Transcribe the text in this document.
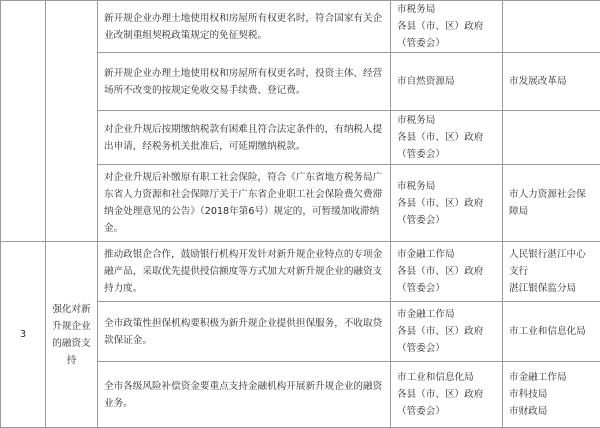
		新开规企业办理土地使用权和房屋所有权更名时，符合国家有关企业改制重组契税政策规定的免征契税。	市税务局
各县（市、区）政府（管委会）	

		新开规企业办理土地使用权和房屋所有权更名时，投资主体、经营场所不改变的按规定免收交易手续费、登记费。	市自然资源局	市发展改革局

		对企业升规后按期缴纳税款有困难且符合法定条件的，有纳税人提出申请，经税务机关批准后，可延期缴纳税款。	市税务局
各县（市、区）政府（管委会）	

		对企业升规后补缴原有职工社会保险，符合《广东省地方税务局广东省人力资源和社会保障厅关于广东省企业职工社会保险费欠费滞纳金处理意见的公告》（2018年第6号）规定的，可暂缓加收滞纳金。	市税务局
各县（市、区）政府（管委会）	市人力资源社会保障局

3	强化对新升规企业的融资支持	推动政银企合作，鼓励银行机构开发针对新升规企业特点的专项金融产品，采取优先提供授信额度等方式加大对新升规企业的融资支持力度。	市金融工作局
各县（市、区）政府（管委会）	人民银行湛江中心支行
湛江银保监分局

		全市政策性担保机构要积极为新升规企业提供担保服务，不收取贷款保证金。	市金融工作局
各县（市、区）政府（管委会）	市工业和信息化局

		全市各级风险补偿资金要重点支持金融机构开展新升规企业的融资业务。	市工业和信息化局
各县（市、区）政府（管委会）	市金融工作局
市科技局
市财政局
